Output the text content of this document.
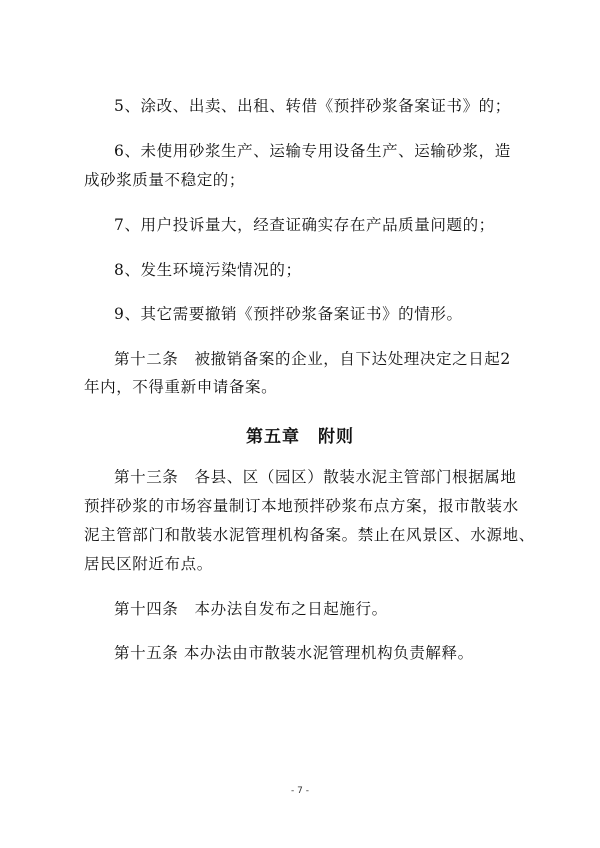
5、涂改、出卖、出租、转借《预拌砂浆备案证书》的；
6、未使用砂浆生产、运输专用设备生产、运输砂浆，造
成砂浆质量不稳定的；
7、用户投诉量大，经查证确实存在产品质量问题的；
8、发生环境污染情况的；
9、其它需要撤销《预拌砂浆备案证书》的情形。
第十二条　被撤销备案的企业，自下达处理决定之日起2
年内，不得重新申请备案。
第五章　附则
第十三条　各县、区（园区）散装水泥主管部门根据属地
预拌砂浆的市场容量制订本地预拌砂浆布点方案，报市散装水
泥主管部门和散装水泥管理机构备案。禁止在风景区、水源地、
居民区附近布点。
第十四条　本办法自发布之日起施行。
第十五条 本办法由市散装水泥管理机构负责解释。
- 7 -
